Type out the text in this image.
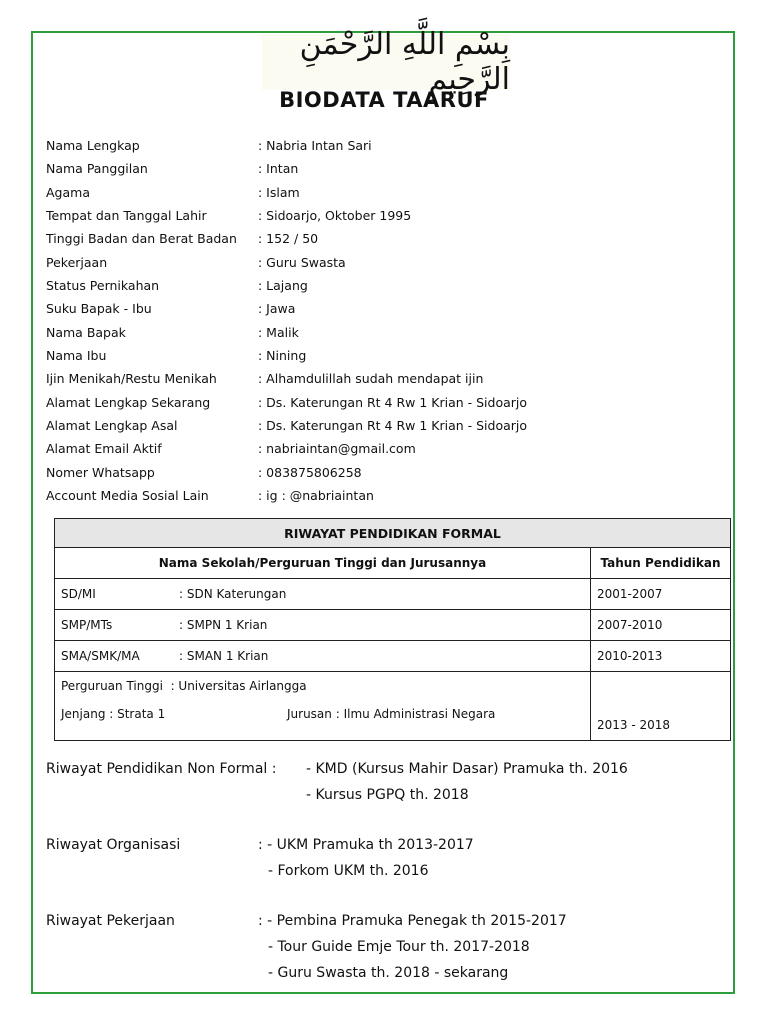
بِسْمِ اللَّهِ الرَّحْمَنِ الرَّحِيمِ
BIODATA TAARUF
Nama Lengkap	: Nabria Intan Sari
Nama Panggilan	: Intan
Agama	: Islam
Tempat dan Tanggal Lahir	: Sidoarjo, Oktober 1995
Tinggi Badan dan Berat Badan : 152 / 50
Pekerjaan	: Guru Swasta
Status Pernikahan	: Lajang
Suku Bapak - Ibu	: Jawa
Nama Bapak	: Malik
Nama Ibu	: Nining
Ijin Menikah/Restu Menikah	: Alhamdulillah sudah mendapat ijin
Alamat Lengkap Sekarang	: Ds. Katerungan Rt 4 Rw 1 Krian - Sidoarjo
Alamat Lengkap Asal	: Ds. Katerungan Rt 4 Rw 1 Krian - Sidoarjo
Alamat Email Aktif	: nabriaintan@gmail.com
Nomer Whatsapp	: 083875806258
Account Media Sosial Lain	: ig : @nabriaintan
RIWAYAT PENDIDIKAN FORMAL	
Nama Sekolah/Perguruan Tinggi dan Jurusannya	Tahun Pendidikan
SD/MI : SDN Katerungan	2001-2007
SMP/MTs : SMPN 1 Krian	2007-2010
SMA/SMK/MA : SMAN 1 Krian	2010-2013

Perguruan Tinggi : Universitas Airlangga
Jenjang : Strata 1 Jurusan : Ilmu Administrasi Negara	2013 - 2018
Riwayat Pendidikan Non Formal : - KMD (Kursus Mahir Dasar) Pramuka th. 2016
- Kursus PGPQ th. 2018
Riwayat Organisasi	: - UKM Pramuka th 2013-2017
- Forkom UKM th. 2016
Riwayat Pekerjaan	: - Pembina Pramuka Penegak th 2015-2017
- Tour Guide Emje Tour th. 2017-2018
- Guru Swasta th. 2018 - sekarang
